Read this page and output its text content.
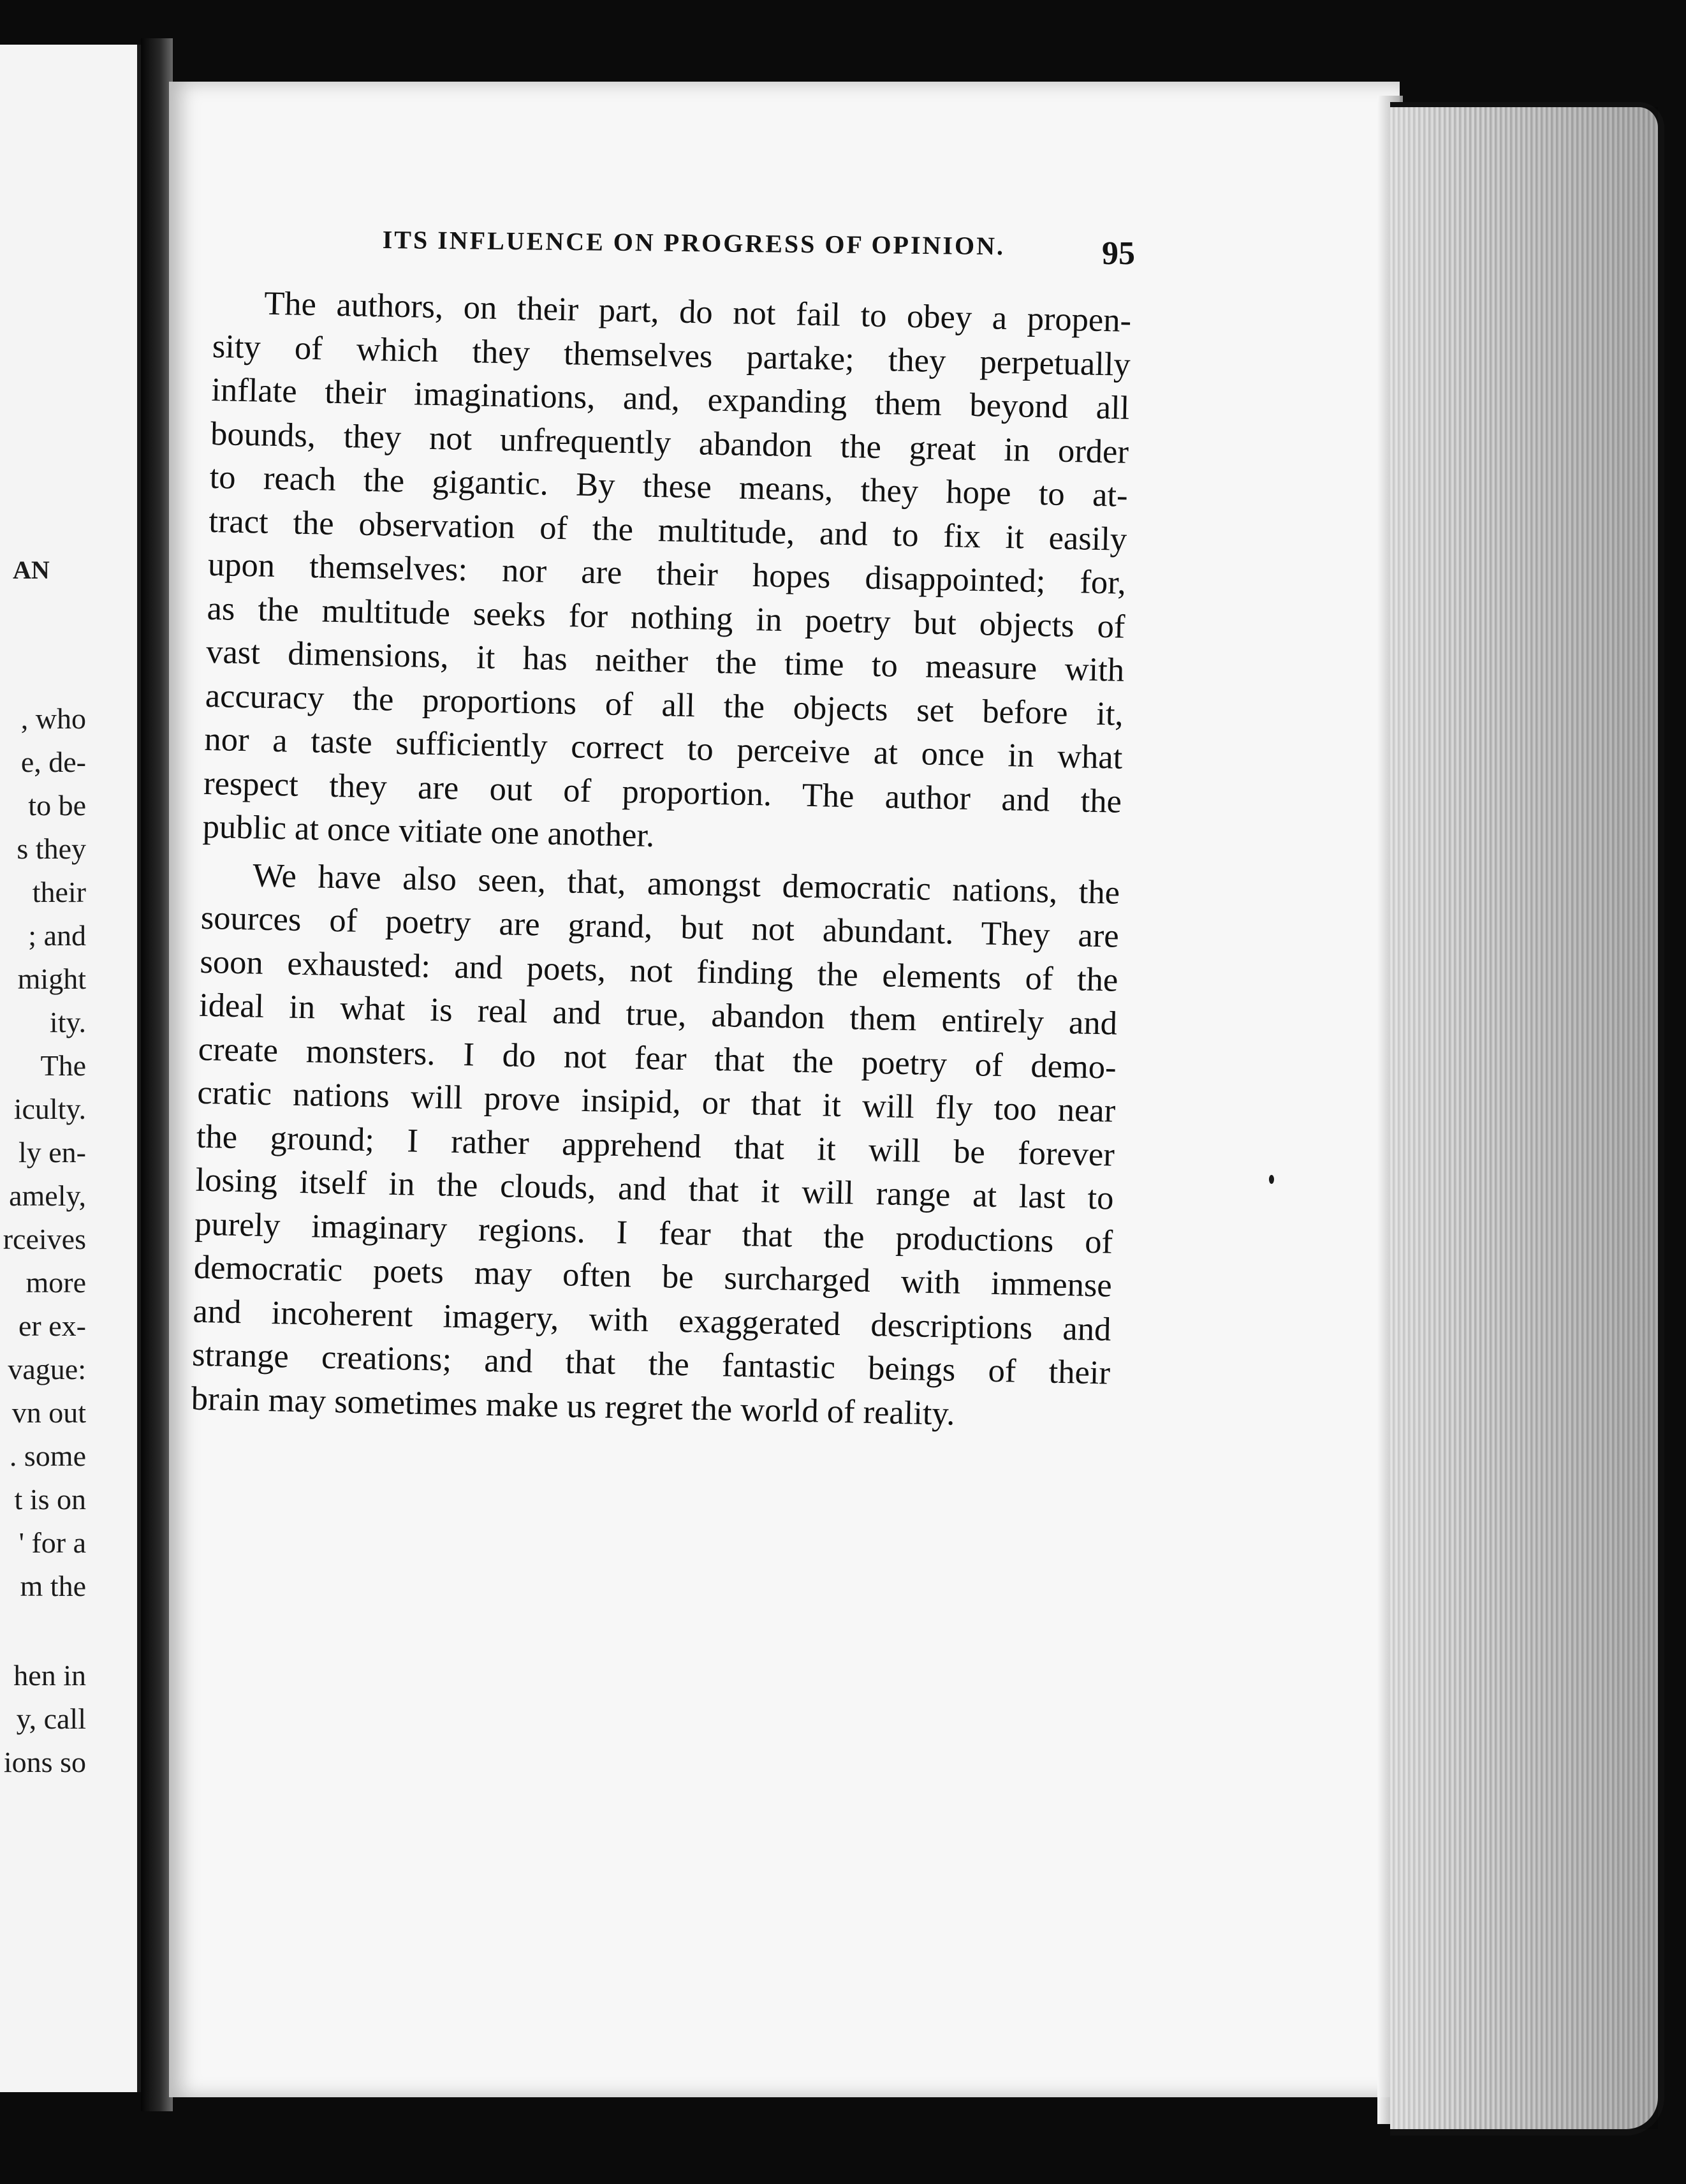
AN
, who
e, de-
to be
s they
their
; and
might
ity.
The
iculty.
ly en-
amely,
rceives
more
er ex-
vague:
vn out
. some
t is on
' for a
m the
hen in
y, call
ions so
ITS INFLUENCE ON PROGRESS OF OPINION.	95

The authors, on their part, do not fail to obey a propen-
sity of which they themselves partake; they perpetually
inflate their imaginations, and, expanding them beyond all
bounds, they not unfrequently abandon the great in order
to reach the gigantic. By these means, they hope to at-
tract the observation of the multitude, and to fix it easily
upon themselves: nor are their hopes disappointed; for,
as the multitude seeks for nothing in poetry but objects of
vast dimensions, it has neither the time to measure with
accuracy the proportions of all the objects set before it,
nor a taste sufficiently correct to perceive at once in what
respect they are out of proportion. The author and the
public at once vitiate one another.

We have also seen, that, amongst democratic nations, the
sources of poetry are grand, but not abundant. They are
soon exhausted: and poets, not finding the elements of the
ideal in what is real and true, abandon them entirely and
create monsters. I do not fear that the poetry of demo-
cratic nations will prove insipid, or that it will fly too near
the ground; I rather apprehend that it will be forever
losing itself in the clouds, and that it will range at last to
purely imaginary regions. I fear that the productions of
democratic poets may often be surcharged with immense
and incoherent imagery, with exaggerated descriptions and
strange creations; and that the fantastic beings of their
brain may sometimes make us regret the world of reality.
